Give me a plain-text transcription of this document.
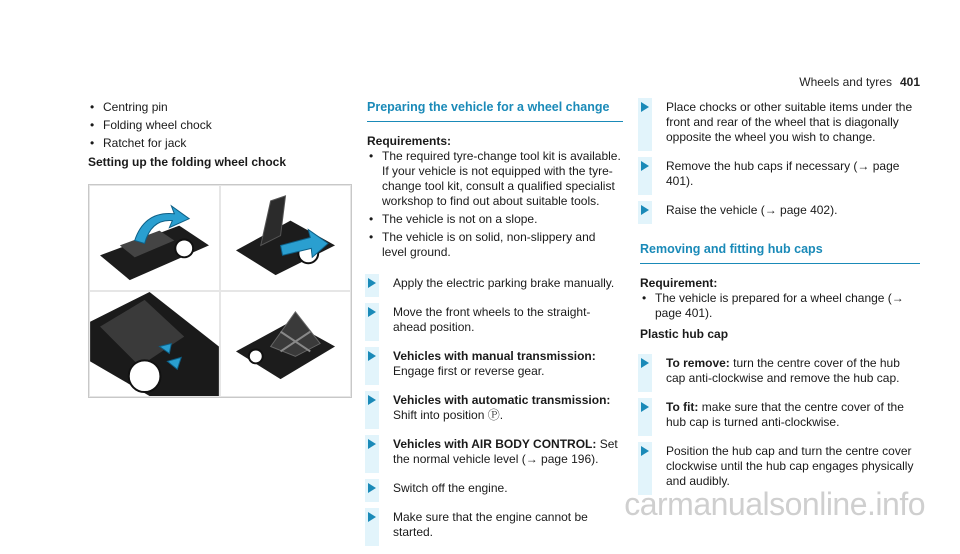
Wheels and tyres 401
• Centring pin
• Folding wheel chock
• Ratchet for jack
Setting up the folding wheel chock
Preparing the vehicle for a wheel change
Requirements:
• The required tyre-change tool kit is available. If your vehicle is not equipped with the tyre-change tool kit, consult a qualified specialist workshop to find out about suitable tools.
• The vehicle is not on a slope.
• The vehicle is on solid, non-slippery and level ground.
Apply the electric parking brake manually.
Move the front wheels to the straight-ahead position.
Vehicles with manual transmission:
Engage first or reverse gear.
Vehicles with automatic transmission:
Shift into position Ⓟ.
Vehicles with AIR BODY CONTROL: Set the normal vehicle level (→ page 196).
Switch off the engine.
Make sure that the engine cannot be started.
Place chocks or other suitable items under the front and rear of the wheel that is diagonally opposite the wheel you wish to change.
Remove the hub caps if necessary (→ page 401).
Raise the vehicle (→ page 402).
Removing and fitting hub caps
Requirement:
• The vehicle is prepared for a wheel change (→ page 401).
Plastic hub cap
To remove: turn the centre cover of the hub cap anti-clockwise and remove the hub cap.
To fit: make sure that the centre cover of the hub cap is turned anti-clockwise.
Position the hub cap and turn the centre cover clockwise until the hub cap engages physically and audibly.
carmanualsonline.info
